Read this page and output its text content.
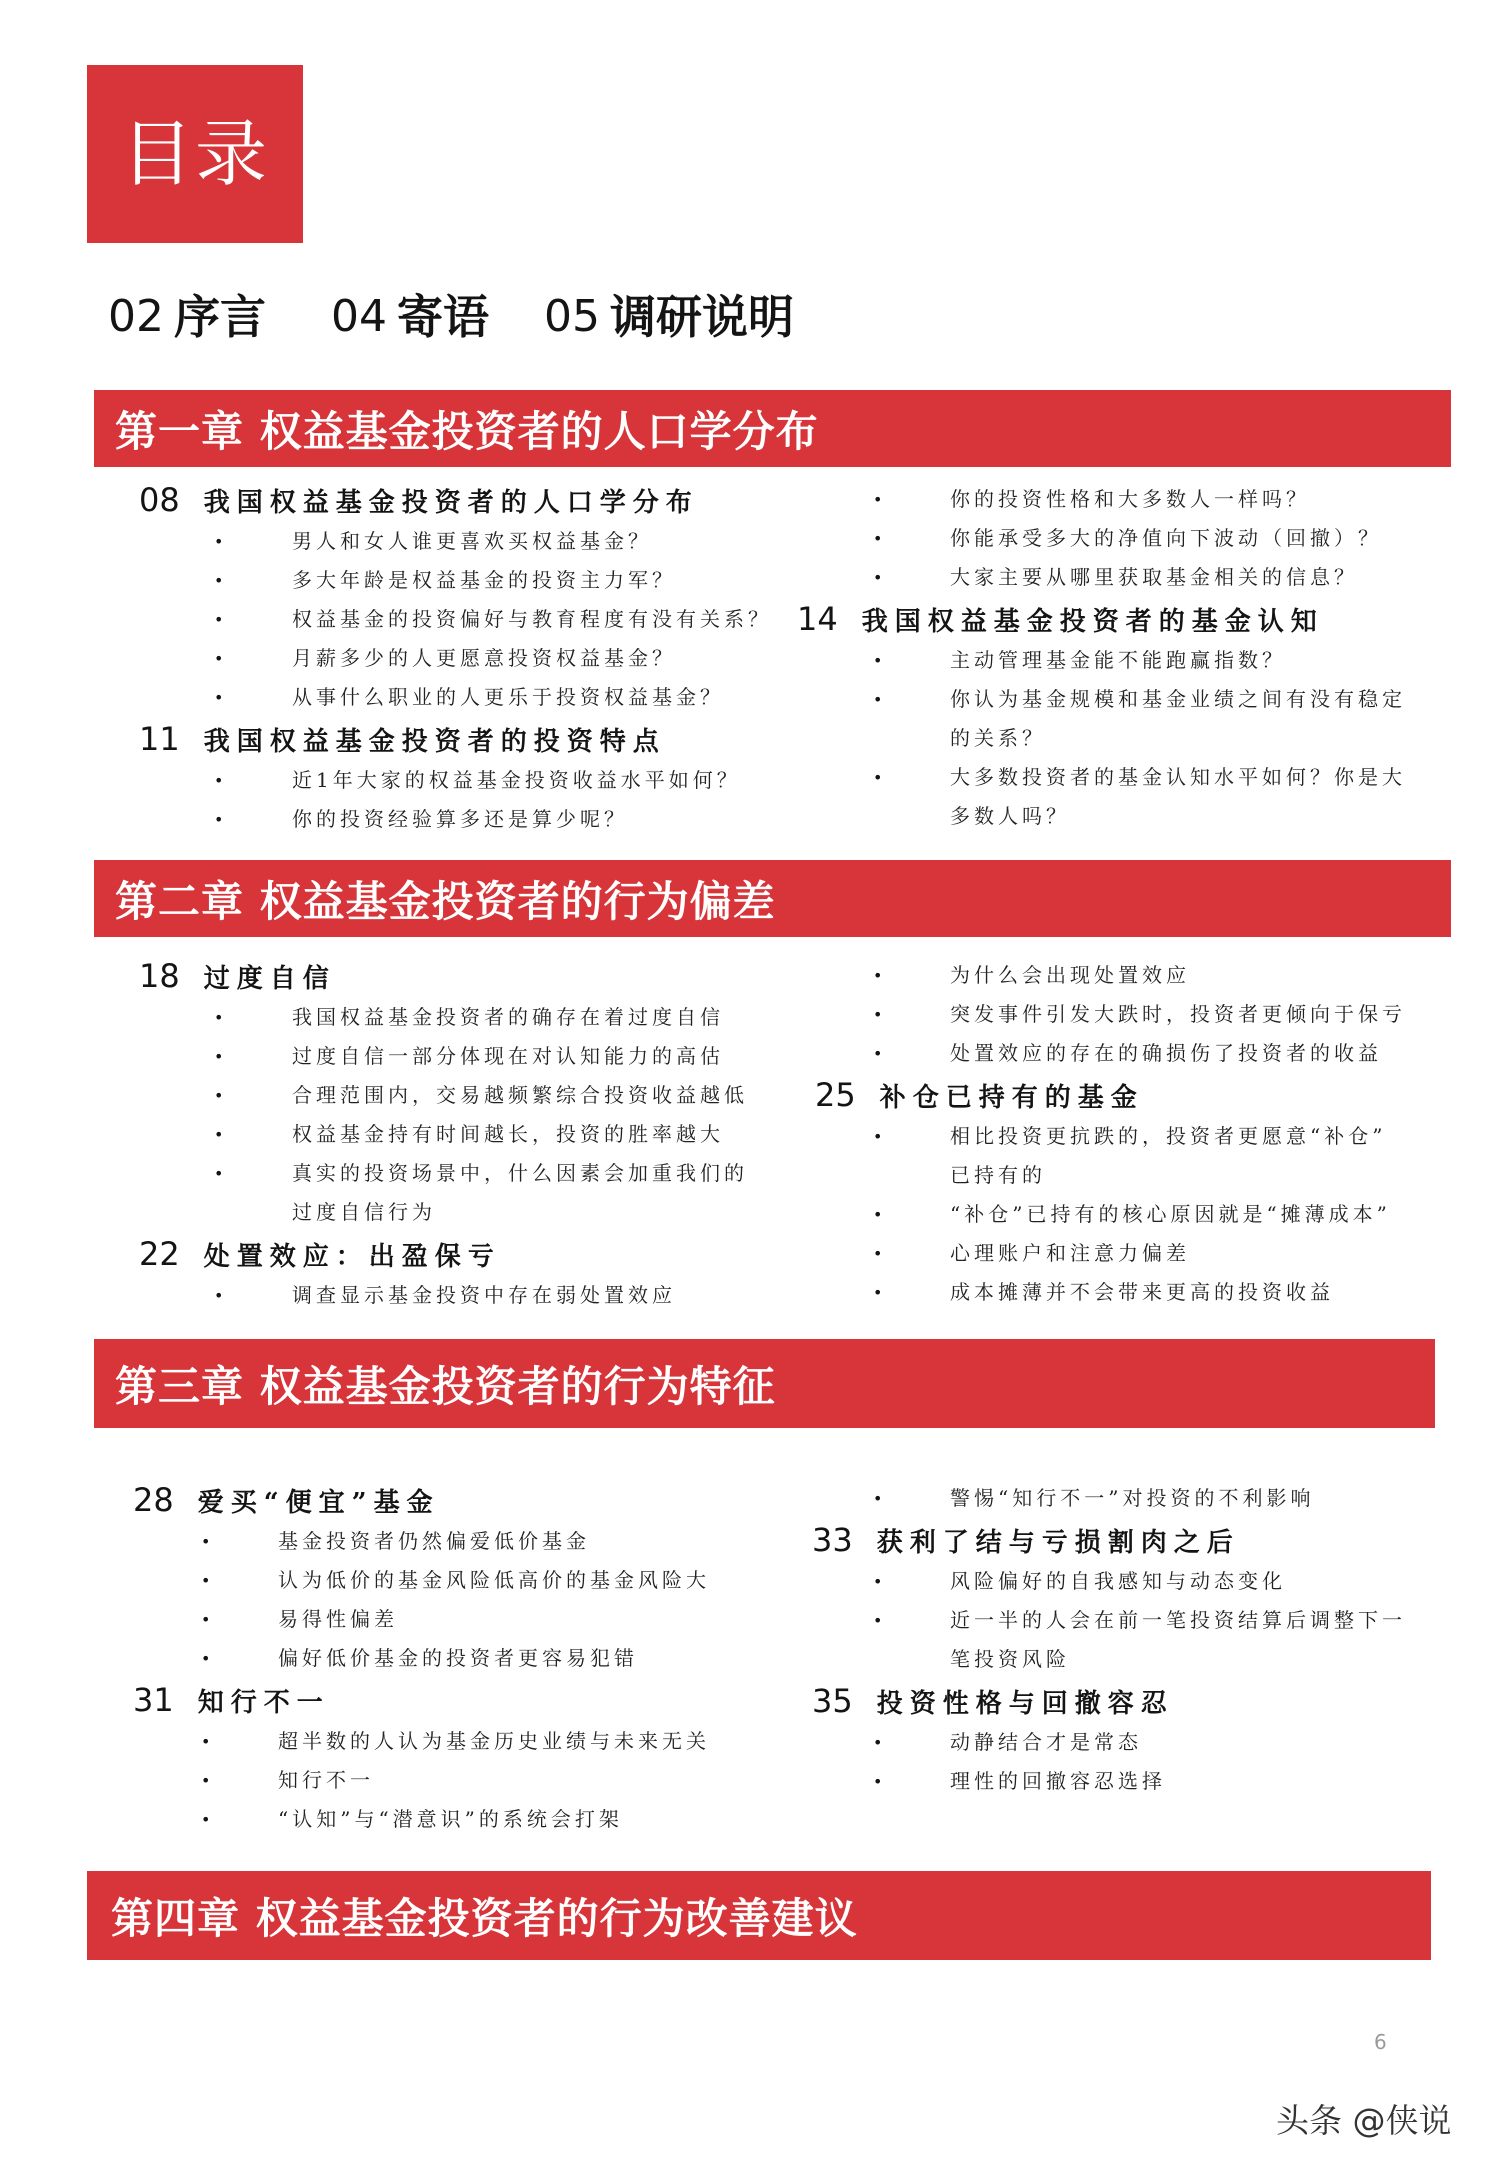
目录
02 序言 04 寄语 05 调研说明
第一章 权益基金投资者的人口学分布
08 我国权益基金投资者的人口学分布
•	男人和女人谁更喜欢买权益基金？
•	多大年龄是权益基金的投资主力军？
•	权益基金的投资偏好与教育程度有没有关系？
•	月薪多少的人更愿意投资权益基金？
•	从事什么职业的人更乐于投资权益基金？
11 我国权益基金投资者的投资特点
•	近1年大家的权益基金投资收益水平如何？
•	你的投资经验算多还是算少呢？
•	你的投资性格和大多数人一样吗？
•	你能承受多大的净值向下波动（回撤）？
•	大家主要从哪里获取基金相关的信息？
14 我国权益基金投资者的基金认知
•	主动管理基金能不能跑赢指数？
•	你认为基金规模和基金业绩之间有没有稳定
的关系？
•	大多数投资者的基金认知水平如何？你是大
多数人吗？
第二章 权益基金投资者的行为偏差
18 过度自信
•	我国权益基金投资者的确存在着过度自信
•	过度自信一部分体现在对认知能力的高估
•	合理范围内，交易越频繁综合投资收益越低
•	权益基金持有时间越长，投资的胜率越大
•	真实的投资场景中，什么因素会加重我们的
过度自信行为
22 处置效应：出盈保亏
•	调查显示基金投资中存在弱处置效应
•	为什么会出现处置效应
•	突发事件引发大跌时，投资者更倾向于保亏
•	处置效应的存在的确损伤了投资者的收益
25 补仓已持有的基金
•	相比投资更抗跌的，投资者更愿意“补仓”
已持有的
•	“补仓”已持有的核心原因就是“摊薄成本”
•	心理账户和注意力偏差
•	成本摊薄并不会带来更高的投资收益
第三章 权益基金投资者的行为特征
28 爱买“便宜”基金
•	基金投资者仍然偏爱低价基金
•	认为低价的基金风险低高价的基金风险大
•	易得性偏差
•	偏好低价基金的投资者更容易犯错
31 知行不一
•	超半数的人认为基金历史业绩与未来无关
•	知行不一
•	“认知”与“潜意识”的系统会打架
•	警惕“知行不一”对投资的不利影响
33 获利了结与亏损割肉之后
•	风险偏好的自我感知与动态变化
•	近一半的人会在前一笔投资结算后调整下一
笔投资风险
35 投资性格与回撤容忍
•	动静结合才是常态
•	理性的回撤容忍选择
第四章 权益基金投资者的行为改善建议
6
头条 @侠说
